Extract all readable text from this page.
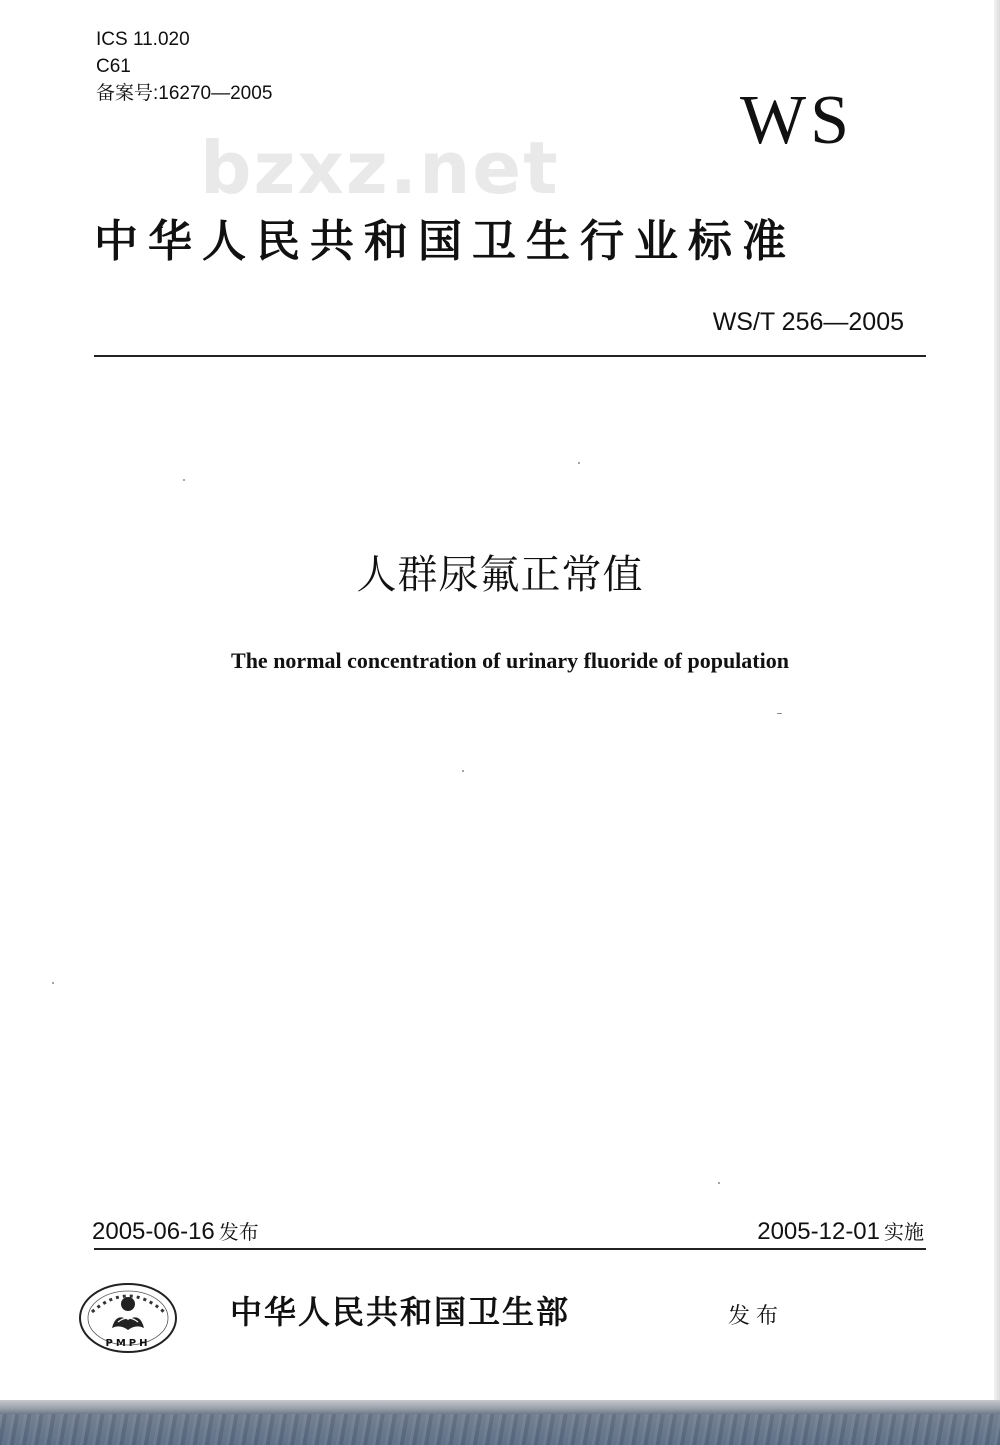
ICS 11.020
C61
备案号:16270—2005	WS
bzxz.net
中华人民共和国卫生行业标准
WS/T 256—2005
人群尿氟正常值
The normal concentration of urinary fluoride of population
2005-06-16 发布	2005-12-01 实施
PMPH
中华人民共和国卫生部	发布
